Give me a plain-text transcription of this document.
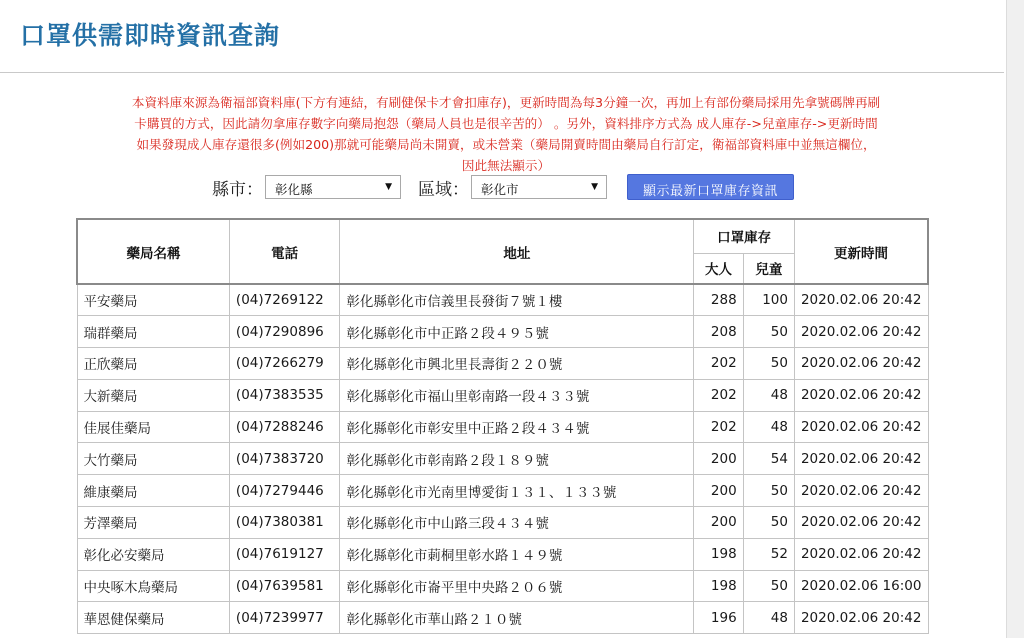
口罩供需即時資訊查詢
本資料庫來源為衛福部資料庫(下方有連結，有刷健保卡才會扣庫存)，更新時間為每3分鐘一次，再加上有部份藥局採用先拿號碼牌再刷
卡購買的方式，因此請勿拿庫存數字向藥局抱怨（藥局人員也是很辛苦的） 。另外，資料排序方式為 成人庫存->兒童庫存->更新時間
如果發現成人庫存還很多(例如200)那就可能藥局尚未開賣，或未營業（藥局開賣時間由藥局自行訂定，衛福部資料庫中並無這欄位，
因此無法顯示）
縣市： 彰化縣	▼ 區域： 彰化市	▼	顯示最新口罩庫存資訊
藥局名稱	電話	地址	口罩庫存		更新時間
			大人	兒童	
平安藥局	(04)7269122	彰化縣彰化市信義里長發街７號１樓	288	100	2020.02.06 20:42
瑞群藥局	(04)7290896	彰化縣彰化市中正路２段４９５號	208	50	2020.02.06 20:42
正欣藥局	(04)7266279	彰化縣彰化市興北里長壽街２２０號	202	50	2020.02.06 20:42
大新藥局	(04)7383535	彰化縣彰化市福山里彰南路一段４３３號	202	48	2020.02.06 20:42
佳展佳藥局	(04)7288246	彰化縣彰化市彰安里中正路２段４３４號	202	48	2020.02.06 20:42
大竹藥局	(04)7383720	彰化縣彰化市彰南路２段１８９號	200	54	2020.02.06 20:42
維康藥局	(04)7279446	彰化縣彰化市光南里博愛街１３１、１３３號	200	50	2020.02.06 20:42
芳澤藥局	(04)7380381	彰化縣彰化市中山路三段４３４號	200	50	2020.02.06 20:42
彰化必安藥局	(04)7619127	彰化縣彰化市莿桐里彰水路１４９號	198	52	2020.02.06 20:42
中央啄木鳥藥局	(04)7639581	彰化縣彰化市崙平里中央路２０６號	198	50	2020.02.06 16:00
華恩健保藥局	(04)7239977	彰化縣彰化市華山路２１０號	196	48	2020.02.06 20:42
